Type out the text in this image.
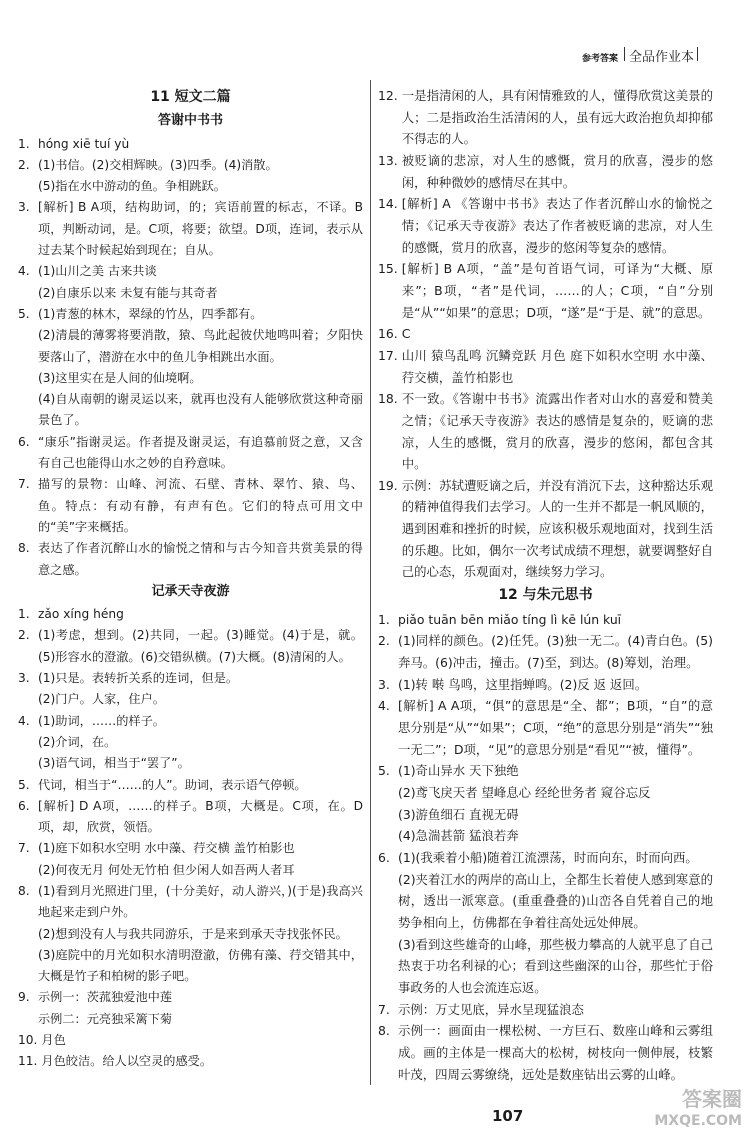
参考答案 全品作业本
11 短文二篇
答谢中书书
1. hóng xiē tuí yù
2. (1)书信。(2)交相辉映。(3)四季。(4)消散。
(5)指在水中游动的鱼。争相跳跃。
3. [解析] B A项，结构助词，的；宾语前置的标志，不译。B项，判断动词，是。C项，将要；欲望。D项，连词，表示从过去某个时候起始到现在；自从。
4. (1)山川之美 古来共谈
(2)自康乐以来 未复有能与其奇者
5. (1)青葱的林木，翠绿的竹丛，四季都有。
(2)清晨的薄雾将要消散，猿、鸟此起彼伏地鸣叫着；夕阳快要落山了，潜游在水中的鱼儿争相跳出水面。
(3)这里实在是人间的仙境啊。
(4)自从南朝的谢灵运以来，就再也没有人能够欣赏这种奇丽景色了。
6. “康乐”指谢灵运。作者提及谢灵运，有追慕前贤之意，又含有自己也能得山水之妙的自矜意味。
7. 描写的景物：山峰、河流、石壁、青林、翠竹、猿、鸟、鱼。特点：有动有静，有声有色。它们的特点可用文中的“美”字来概括。
8. 表达了作者沉醉山水的愉悦之情和与古今知音共赏美景的得意之感。
记承天寺夜游
1. zǎo xíng héng
2. (1)考虑，想到。(2)共同，一起。(3)睡觉。(4)于是，就。(5)形容水的澄澈。(6)交错纵横。(7)大概。(8)清闲的人。
3. (1)只是。表转折关系的连词，但是。
(2)门户。人家，住户。
4. (1)助词，……的样子。
(2)介词，在。
(3)语气词，相当于“罢了”。
5. 代词，相当于“……的人”。助词，表示语气停顿。
6. [解析] D A项，……的样子。B项，大概是。C项，在。D项，却，欣赏，领悟。
7. (1)庭下如积水空明 水中藻、荇交横 盖竹柏影也
(2)何夜无月 何处无竹柏 但少闲人如吾两人者耳
8. (1)看到月光照进门里，(十分美好，动人游兴，)(于是)我高兴地起来走到户外。
(2)想到没有人与我共同游乐，于是来到承天寺找张怀民。
(3)庭院中的月光如积水清明澄澈，仿佛有藻、荇交错其中，大概是竹子和柏树的影子吧。
9. 示例一：茨菰独爱池中莲
示例二：元亮独采篱下菊
10. 月色
11. 月色皎洁。给人以空灵的感受。
12. 一是指清闲的人，具有闲情雅致的人，懂得欣赏这美景的人；二是指政治生活清闲的人，虽有远大政治抱负却抑郁不得志的人。
13. 被贬谪的悲凉，对人生的感慨，赏月的欣喜，漫步的悠闲，种种微妙的感情尽在其中。
14. [解析] A 《答谢中书书》表达了作者沉醉山水的愉悦之情；《记承天寺夜游》表达了作者被贬谪的悲凉，对人生的感慨，赏月的欣喜，漫步的悠闲等复杂的感情。
15. [解析] B A项，“盖”是句首语气词，可译为“大概、原来”；B项，“者”是代词，……的人；C项，“自”分别是“从”“如果”的意思；D项，“遂”是“于是、就”的意思。
16. C
17. 山川 猿鸟乱鸣 沉鳞竞跃 月色 庭下如积水空明 水中藻、荇交横，盖竹柏影也
18. 不一致。《答谢中书书》流露出作者对山水的喜爱和赞美之情；《记承天寺夜游》表达的感情是复杂的，贬谪的悲凉，人生的感慨，赏月的欣喜，漫步的悠闲，都包含其中。
19. 示例：苏轼遭贬谪之后，并没有消沉下去，这种豁达乐观的精神值得我们去学习。人的一生并不都是一帆风顺的，遇到困难和挫折的时候，应该积极乐观地面对，找到生活的乐趣。比如，偶尔一次考试成绩不理想，就要调整好自己的心态，乐观面对，继续努力学习。
12 与朱元思书
1. piǎo tuān bēn miǎo tíng lì kē lún kuī
2. (1)同样的颜色。(2)任凭。(3)独一无二。(4)青白色。(5)奔马。(6)冲击，撞击。(7)至，到达。(8)筹划，治理。
3. (1)转 啭 鸟鸣，这里指蝉鸣。(2)反 返 返回。
4. [解析] A A项，“俱”的意思是“全、都”；B项，“自”的意思分别是“从”“如果”；C项，“绝”的意思分别是“消失”“独一无二”；D项，“见”的意思分别是“看见”“被，懂得”。
5. (1)奇山异水 天下独绝
(2)鸢飞戾天者 望峰息心 经纶世务者 窥谷忘反
(3)游鱼细石 直视无碍
(4)急湍甚箭 猛浪若奔
6. (1)(我乘着小船)随着江流漂荡，时而向东，时而向西。
(2)夹着江水的两岸的高山上，全都生长着使人感到寒意的树，透出一派寒意。(重重叠叠的)山峦各自凭着自己的地势争相向上，仿佛都在争着往高处远处伸展。
(3)看到这些雄奇的山峰，那些极力攀高的人就平息了自己热衷于功名利禄的心；看到这些幽深的山谷，那些忙于俗事政务的人也会流连忘返。
7. 示例：万丈见底，异水呈现猛浪态
8. 示例一：画面由一棵松树、一方巨石、数座山峰和云雾组成。画的主体是一棵高大的松树，树枝向一侧伸展，枝繁叶茂，四周云雾缭绕，远处是数座钻出云雾的山峰。
107
答案圈
MXQE.COM
